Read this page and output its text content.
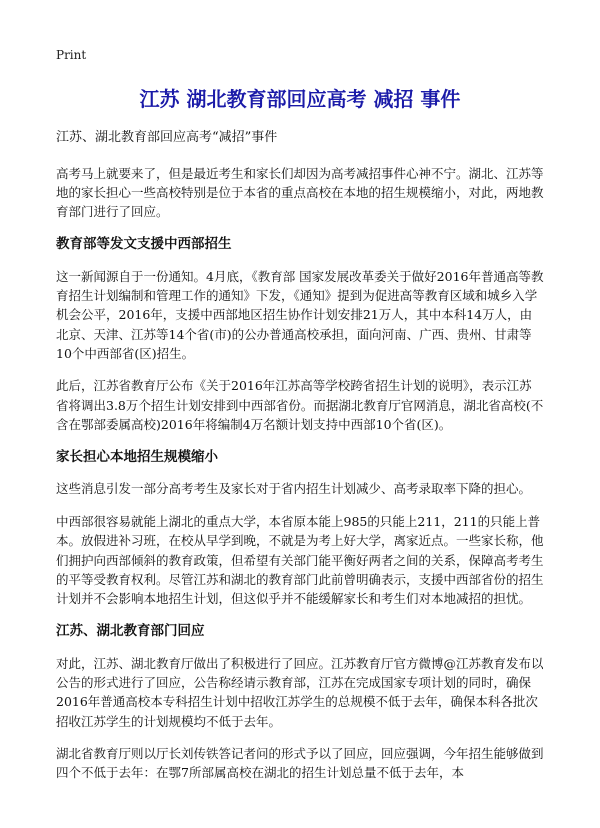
Print
江苏 湖北教育部回应高考 减招 事件
江苏、湖北教育部回应高考“减招”事件

高考马上就要来了，但是最近考生和家长们却因为高考减招事件心神不宁。湖北、江苏等地的家长担心一些高校特别是位于本省的重点高校在本地的招生规模缩小，对此，两地教育部门进行了回应。

教育部等发文支援中西部招生

这一新闻源自于一份通知。4月底，《教育部 国家发展改革委关于做好2016年普通高等教育招生计划编制和管理工作的通知》下发，《通知》提到为促进高等教育区域和城乡入学机会公平，2016年，支援中西部地区招生协作计划安排21万人，其中本科14万人，由北京、天津、江苏等14个省(市)的公办普通高校承担，面向河南、广西、贵州、甘肃等10个中西部省(区)招生。

此后，江苏省教育厅公布《关于2016年江苏高等学校跨省招生计划的说明》，表示江苏省将调出3.8万个招生计划安排到中西部省份。而据湖北教育厅官网消息，湖北省高校(不含在鄂部委属高校)2016年将编制4万名额计划支持中西部10个省(区)。

家长担心本地招生规模缩小

这些消息引发一部分高考考生及家长对于省内招生计划减少、高考录取率下降的担心。

中西部很容易就能上湖北的重点大学，本省原本能上985的只能上211，211的只能上普本。放假进补习班，在校从早学到晚，不就是为考上好大学，离家近点。一些家长称，他们拥护向西部倾斜的教育政策，但希望有关部门能平衡好两者之间的关系，保障高考考生的平等受教育权利。尽管江苏和湖北的教育部门此前曾明确表示，支援中西部省份的招生计划并不会影响本地招生计划，但这似乎并不能缓解家长和考生们对本地减招的担忧。

江苏、湖北教育部门回应

对此，江苏、湖北教育厅做出了积极进行了回应。江苏教育厅官方微博@江苏教育发布以公告的形式进行了回应，公告称经请示教育部，江苏在完成国家专项计划的同时，确保2016年普通高校本专科招生计划中招收江苏学生的总规模不低于去年，确保本科各批次招收江苏学生的计划规模均不低于去年。

湖北省教育厅则以厅长刘传铁答记者问的形式予以了回应，回应强调，今年招生能够做到四个不低于去年：在鄂7所部属高校在湖北的招生计划总量不低于去年，本
